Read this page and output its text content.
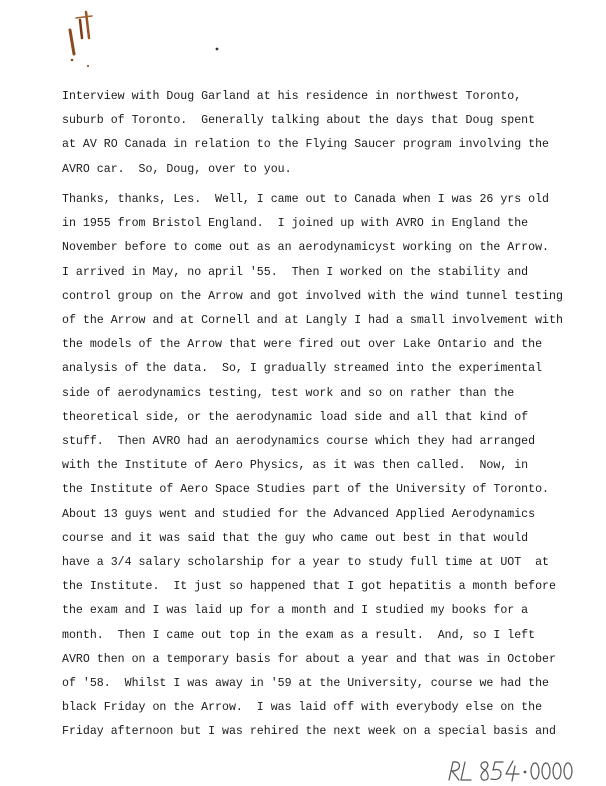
Interview with Doug Garland at his residence in northwest Toronto,
suburb of Toronto.  Generally talking about the days that Doug spent
at AV RO Canada in relation to the Flying Saucer program involving the
AVRO car.  So, Doug, over to you.
Thanks, thanks, Les.  Well, I came out to Canada when I was 26 yrs old
in 1955 from Bristol England.  I joined up with AVRO in England the
November before to come out as an aerodynamicyst working on the Arrow.
I arrived in May, no april '55.  Then I worked on the stability and
control group on the Arrow and got involved with the wind tunnel testing
of the Arrow and at Cornell and at Langly I had a small involvement with
the models of the Arrow that were fired out over Lake Ontario and the
analysis of the data.  So, I gradually streamed into the experimental
side of aerodynamics testing, test work and so on rather than the
theoretical side, or the aerodynamic load side and all that kind of
stuff.  Then AVRO had an aerodynamics course which they had arranged
with the Institute of Aero Physics, as it was then called.  Now, in
the Institute of Aero Space Studies part of the University of Toronto.
About 13 guys went and studied for the Advanced Applied Aerodynamics
course and it was said that the guy who came out best in that would
have a 3/4 salary scholarship for a year to study full time at UOT  at
the Institute.  It just so happened that I got hepatitis a month before
the exam and I was laid up for a month and I studied my books for a
month.  Then I came out top in the exam as a result.  And, so I left
AVRO then on a temporary basis for about a year and that was in October
of '58.  Whilst I was away in '59 at the University, course we had the
black Friday on the Arrow.  I was laid off with everybody else on the
Friday afternoon but I was rehired the next week on a special basis and
